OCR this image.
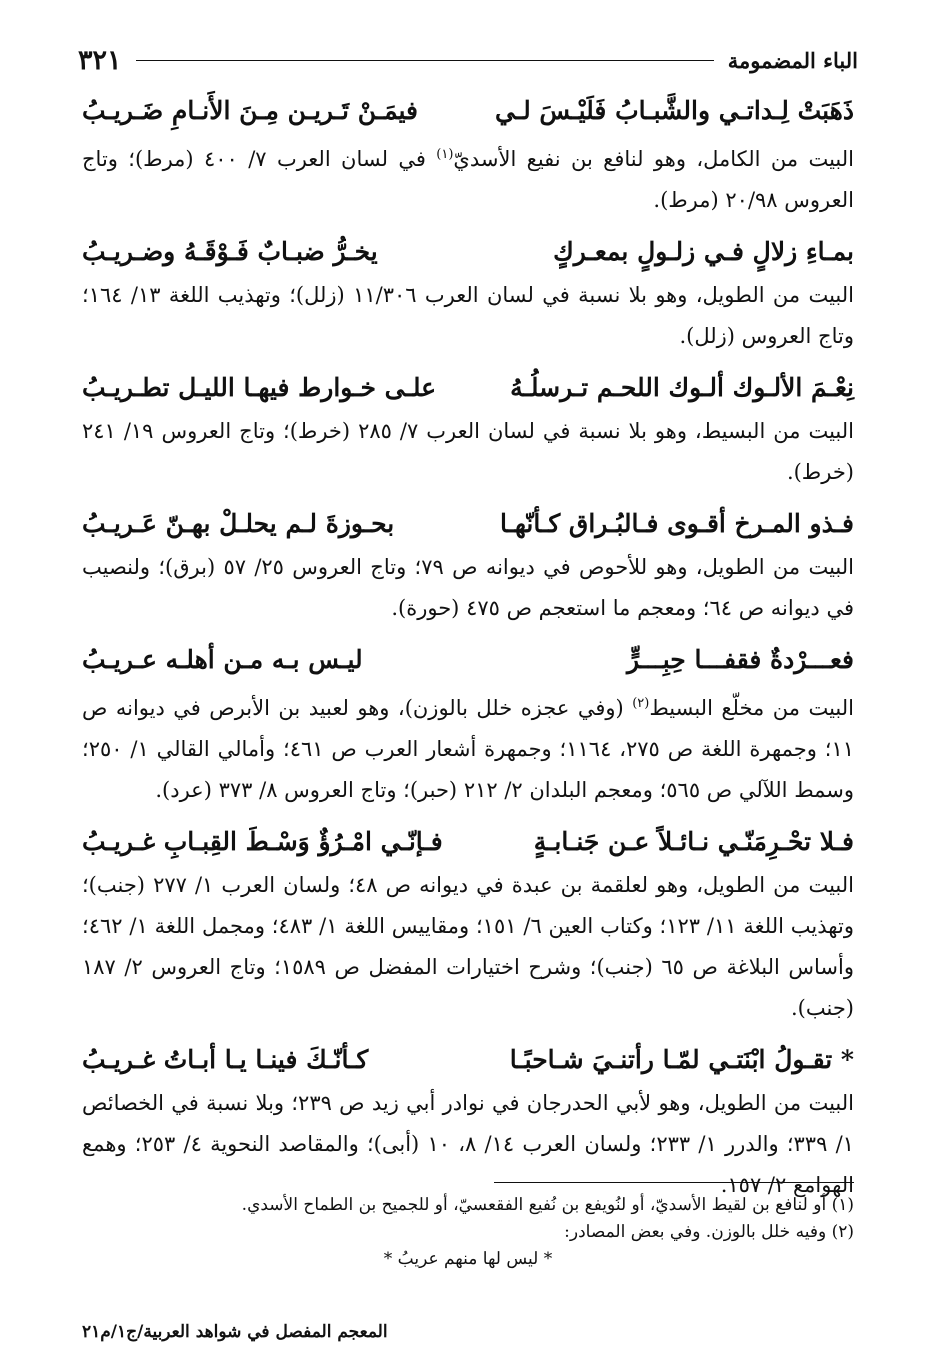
الباء المضمومة
٣٢١
ذَهَبَتْ لِـداتـي والشَّبـابُ فَلَيْـسَ لـي
فيمَـنْ تَـريـن مِـنَ الأَنـامِ ضَـريـبُ

البيت من الكامل، وهو لنافع بن نفيع الأسديّ$^{(١)}$ في لسان العرب ٧/ ٤٠٠ (مرط)؛ وتاج العروس ٢٠/٩٨ (مرط).

بمـاءِ زلالٍ فـي زلـولٍ بمعـركٍ
يخـرُّ ضبـابٌ فَـوْقَـهُ وضـريـبُ

البيت من الطويل، وهو بلا نسبة في لسان العرب ١١/٣٠٦ (زلل)؛ وتهذيب اللغة ١٣/ ١٦٤؛ وتاج العروس (زلل).

نِعْـمَ الألـوك ألـوك اللحـم تـرسلُـهُ
علـى خـوارط فيهـا الليـل تطـريـبُ

البيت من البسيط، وهو بلا نسبة في لسان العرب ٧/ ٢٨٥ (خرط)؛ وتاج العروس ١٩/ ٢٤١ (خرط).

فـذو المـرخ أقـوى فـالبُـراق كـأنّهـا
بحـوزةَ لـم يحلـلْ بهـنّ عَـريـبُ

البيت من الطويل، وهو للأحوص في ديوانه ص ٧٩؛ وتاج العروس ٢٥/ ٥٧ (برق)؛ ولنصيب في ديوانه ص ٦٤؛ ومعجم ما استعجم ص ٤٧٥ (حورة).

فعـــرْدةٌ فقفـــا حِبِـــرٍّ
ليـس بـه مـن أهلـه عـريـبُ

البيت من مخلّع البسيط$^{(٢)}$ (وفي عجزه خلل بالوزن)، وهو لعبيد بن الأبرص في ديوانه ص ١١؛ وجمهرة اللغة ص ٢٧٥، ١١٦٤؛ وجمهرة أشعار العرب ص ٤٦١؛ وأمالي القالي ١/ ٢٥٠؛ وسمط اللآلي ص ٥٦٥؛ ومعجم البلدان ٢/ ٢١٢ (حبر)؛ وتاج العروس ٨/ ٣٧٣ (عرد).

فـلا تحْـرِمَنّـي نـائـلاً عـن جَنـابـةٍ
فـإنّـي امْـرُؤٌ وَسْـطَ القِبـابِ غـريـبُ

البيت من الطويل، وهو لعلقمة بن عبدة في ديوانه ص ٤٨؛ ولسان العرب ١/ ٢٧٧ (جنب)؛ وتهذيب اللغة ١١/ ١٢٣؛ وكتاب العين ٦/ ١٥١؛ ومقاييس اللغة ١/ ٤٨٣؛ ومجمل اللغة ١/ ٤٦٢؛ وأساس البلاغة ص ٦٥ (جنب)؛ وشرح اختيارات المفضل ص ١٥٨٩؛ وتاج العروس ٢/ ١٨٧ (جنب).

* تقـولُ ابْنَتـي لمّـا رأتنـيَ شـاحبًـا
كـأنّـكَ فينـا يـا أبـاتُ غـريـبُ

البيت من الطويل، وهو لأبي الحدرجان في نوادر أبي زيد ص ٢٣٩؛ وبلا نسبة في الخصائص ١/ ٣٣٩؛ والدرر ١/ ٢٣٣؛ ولسان العرب ١٤/ ٨، ١٠ (أبى)؛ والمقاصد النحوية ٤/ ٢٥٣؛ وهمع الهوامع ٢/ ١٥٧.

(١) أو لنافع بن لقيط الأسديّ، أو لنُويفع بن نُفيع الفقعسيّ، أو للجميح بن الطماح الأسدي.
(٢) وفيه خلل بالوزن. وفي بعض المصادر:
* ليس لها منهم عريبُ *
المعجم المفصل في شواهد العربية/ج١/م٢١
